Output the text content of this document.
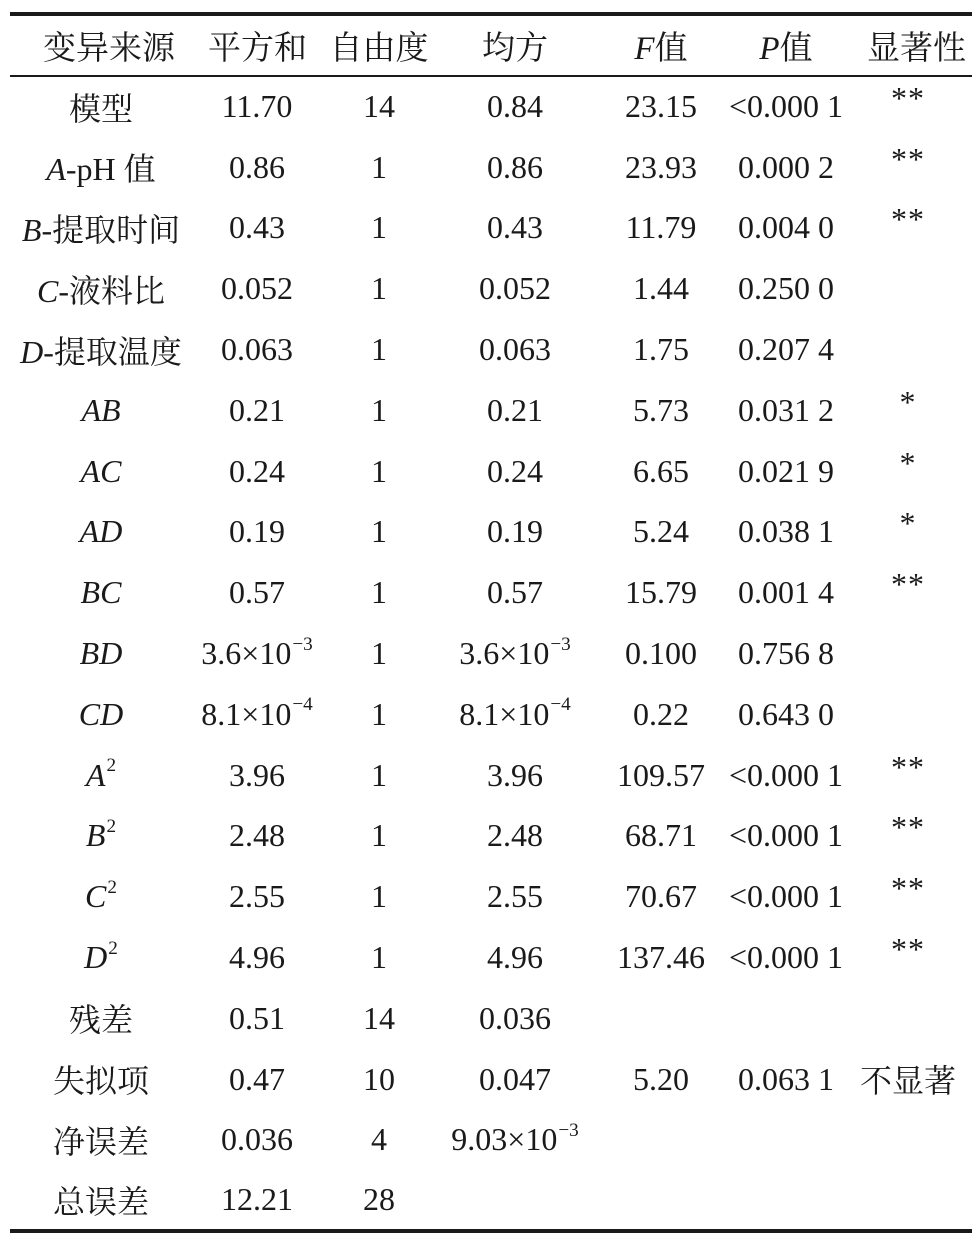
变异来源	平方和	自由度	均方	F值	P值	显著性
模型	11.70	14	0.84	23.15	<0.000 1	**
A-pH 值	0.86	1	0.86	23.93	0.000 2	**
B-提取时间	0.43	1	0.43	11.79	0.004 0	**
C-液料比	0.052	1	0.052	1.44	0.250 0	
D-提取温度	0.063	1	0.063	1.75	0.207 4	
AB	0.21	1	0.21	5.73	0.031 2	*
AC	0.24	1	0.24	6.65	0.021 9	*
AD	0.19	1	0.19	5.24	0.038 1	*
BC	0.57	1	0.57	15.79	0.001 4	**
BD	$3.6\times 10^{-3}$	1	$3.6\times 10^{-3}$	0.100	0.756 8	
CD	$8.1\times 10^{-4}$	1	$8.1\times 10^{-4}$	0.22	0.643 0	
$A^2$	3.96	1	3.96	109.57	<0.000 1	**
$B^2$	2.48	1	2.48	68.71	<0.000 1	**
$C^2$	2.55	1	2.55	70.67	<0.000 1	**
$D^2$	4.96	1	4.96	137.46	<0.000 1	**
残差	0.51	14	0.036			
失拟项	0.47	10	0.047	5.20	0.063 1	不显著
净误差	0.036	4	$9.03\times 10^{-3}$			
总误差	12.21	28				
